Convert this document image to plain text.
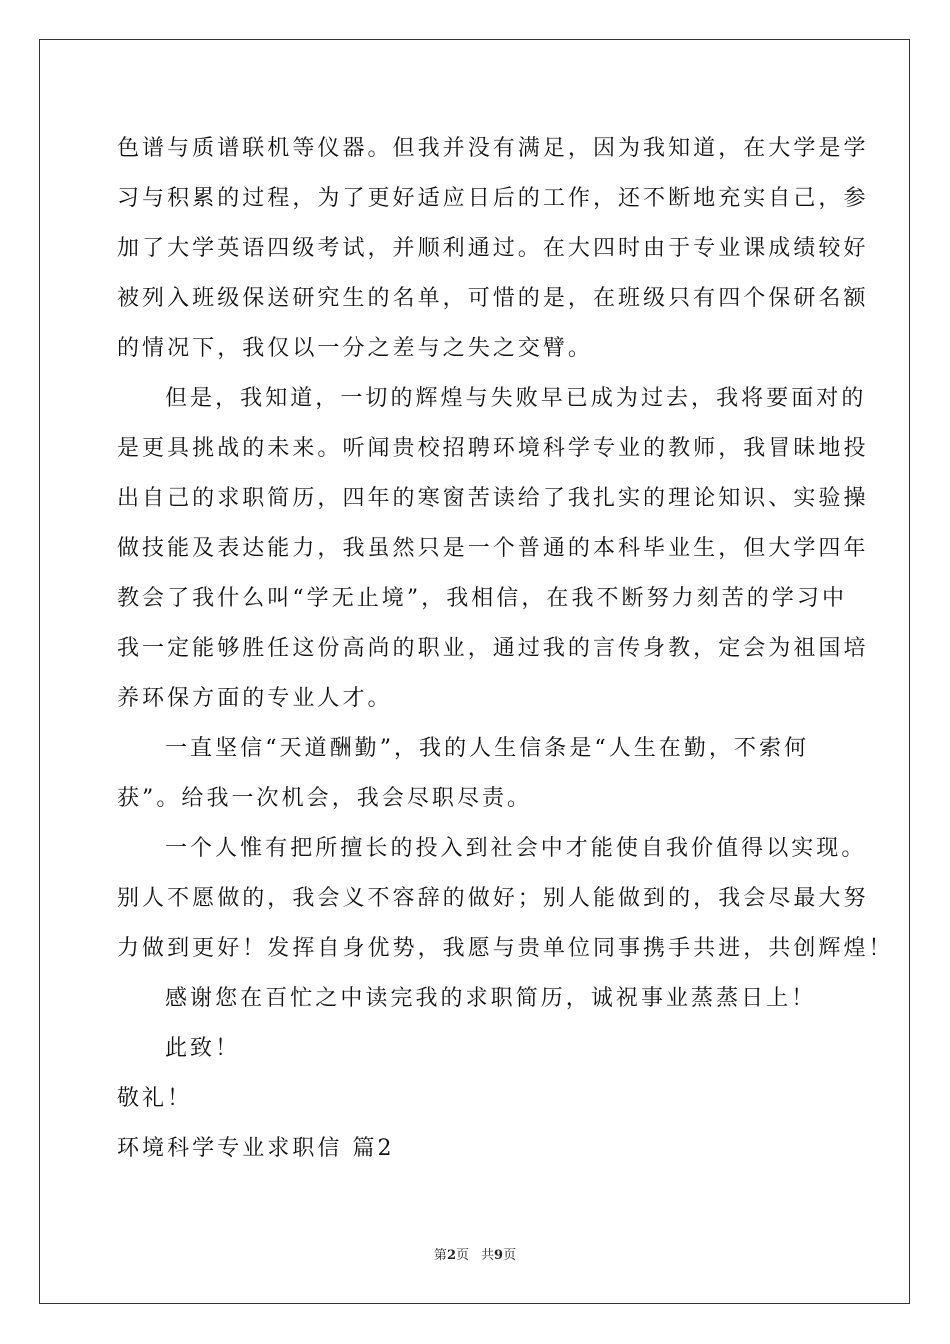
色谱与质谱联机等仪器。但我并没有满足，因为我知道，在大学是学
习与积累的过程，为了更好适应日后的工作，还不断地充实自己，参
加了大学英语四级考试，并顺利通过。在大四时由于专业课成绩较好
被列入班级保送研究生的名单，可惜的是，在班级只有四个保研名额
的情况下，我仅以一分之差与之失之交臂。
但是，我知道，一切的辉煌与失败早已成为过去，我将要面对的
是更具挑战的未来。听闻贵校招聘环境科学专业的教师，我冒昧地投
出自己的求职简历，四年的寒窗苦读给了我扎实的理论知识、实验操
做技能及表达能力，我虽然只是一个普通的本科毕业生，但大学四年
教会了我什么叫“学无止境”，我相信，在我不断努力刻苦的学习中
我一定能够胜任这份高尚的职业，通过我的言传身教，定会为祖国培
养环保方面的专业人才。
一直坚信“天道酬勤”，我的人生信条是“人生在勤，不索何
获”。给我一次机会，我会尽职尽责。
一个人惟有把所擅长的投入到社会中才能使自我价值得以实现。
别人不愿做的，我会义不容辞的做好；别人能做到的，我会尽最大努
力做到更好！发挥自身优势，我愿与贵单位同事携手共进，共创辉煌！
感谢您在百忙之中读完我的求职简历，诚祝事业蒸蒸日上！
此致！
敬礼！
环境科学专业求职信 篇2
第2页 共9页
